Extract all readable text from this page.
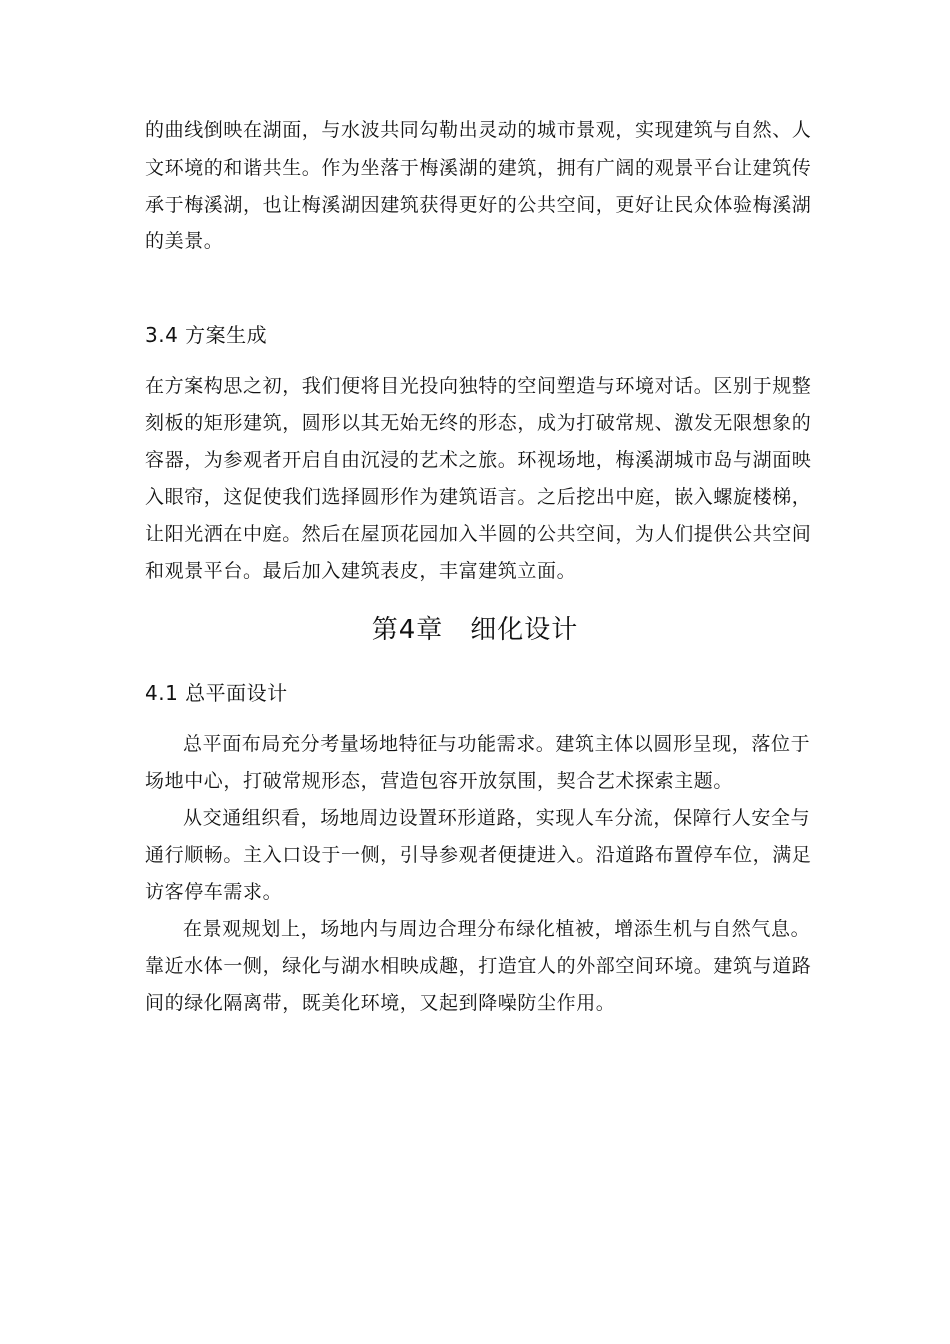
的曲线倒映在湖面，与水波共同勾勒出灵动的城市景观，实现建筑与自然、人
文环境的和谐共生。作为坐落于梅溪湖的建筑，拥有广阔的观景平台让建筑传
承于梅溪湖，也让梅溪湖因建筑获得更好的公共空间，更好让民众体验梅溪湖
的美景。
3.4 方案生成
在方案构思之初，我们便将目光投向独特的空间塑造与环境对话。区别于规整
刻板的矩形建筑，圆形以其无始无终的形态，成为打破常规、激发无限想象的
容器，为参观者开启自由沉浸的艺术之旅。环视场地，梅溪湖城市岛与湖面映
入眼帘，这促使我们选择圆形作为建筑语言。之后挖出中庭，嵌入螺旋楼梯，
让阳光洒在中庭。然后在屋顶花园加入半圆的公共空间，为人们提供公共空间
和观景平台。最后加入建筑表皮，丰富建筑立面。
第4章　细化设计
4.1 总平面设计
总平面布局充分考量场地特征与功能需求。建筑主体以圆形呈现，落位于
场地中心，打破常规形态，营造包容开放氛围，契合艺术探索主题。
从交通组织看，场地周边设置环形道路，实现人车分流，保障行人安全与
通行顺畅。主入口设于一侧，引导参观者便捷进入。沿道路布置停车位，满足
访客停车需求。
在景观规划上，场地内与周边合理分布绿化植被，增添生机与自然气息。
靠近水体一侧，绿化与湖水相映成趣，打造宜人的外部空间环境。建筑与道路
间的绿化隔离带，既美化环境，又起到降噪防尘作用。
